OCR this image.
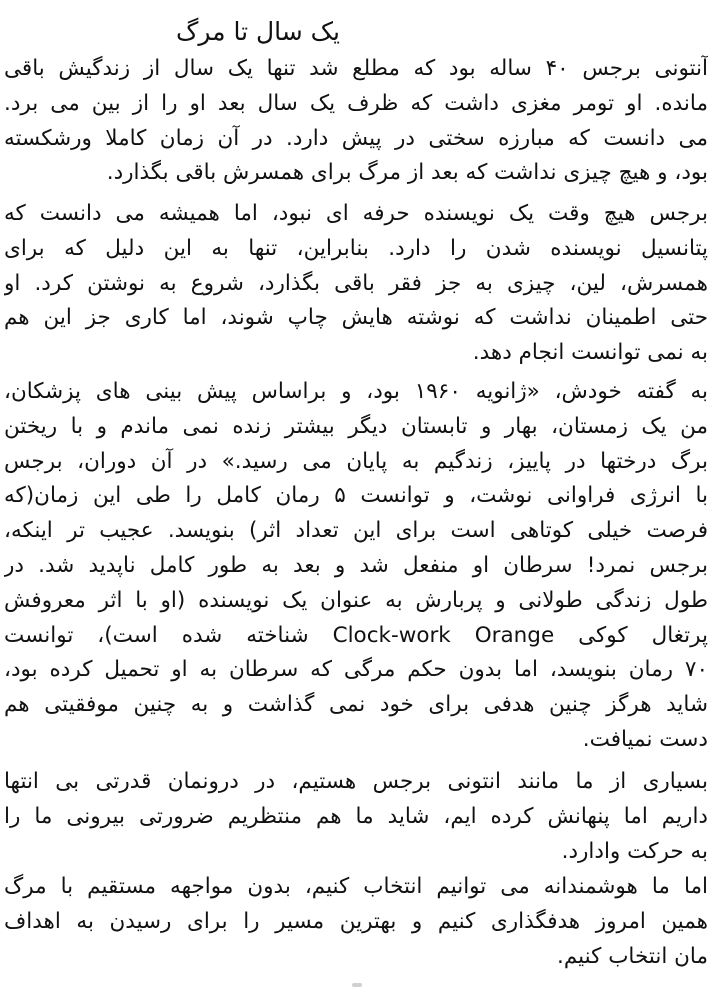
یک سال تا مرگ
آنتونی برجس ۴۰ ساله بود که مطلع شد تنها یک سال از زندگیش باقی
مانده. او تومر مغزی داشت که ظرف یک سال بعد او را از بین می برد.
می دانست که مبارزه سختی در پیش دارد. در آن زمان کاملا ورشکسته
بود، و هیچ چیزی نداشت که بعد از مرگ برای همسرش باقی بگذارد.
برجس هیچ وقت یک نویسنده حرفه ای نبود، اما همیشه می دانست که
پتانسیل نویسنده شدن را دارد. بنابراین، تنها به این دلیل که برای
همسرش، لین، چیزی به جز فقر باقی بگذارد، شروع به نوشتن کرد. او
حتی اطمینان نداشت که نوشته هایش چاپ شوند، اما کاری جز این هم
به نمی توانست انجام دهد.
به گفته خودش، «ژانویه ۱۹۶۰ بود، و براساس پیش بینی های پزشکان،
من یک زمستان، بهار و تابستان دیگر بیشتر زنده نمی ماندم و با ریختن
برگ درختها در پاییز، زندگیم به پایان می رسید.» در آن دوران، برجس
با انرژی فراوانی نوشت، و توانست ۵ رمان کامل را طی این زمان(که
فرصت خیلی کوتاهی است برای این تعداد اثر) بنویسد. عجیب تر اینکه،
برجس نمرد! سرطان او منفعل شد و بعد به طور کامل ناپدید شد. در
طول زندگی طولانی و پربارش به عنوان یک نویسنده (او با اثر معروفش
پرتغال کوکی Clock-work Orange شناخته شده است)، توانست
۷۰ رمان بنویسد، اما بدون حکم مرگی که سرطان به او تحمیل کرده بود،
شاید هرگز چنین هدفی برای خود نمی گذاشت و به چنین موفقیتی هم
دست نمیافت.
بسیاری از ما مانند انتونی برجس هستیم، در درونمان قدرتی بی انتها
داریم اما پنهانش کرده ایم، شاید ما هم منتظریم ضرورتی بیرونی ما را
به حرکت وادارد.
اما ما هوشمندانه می توانیم انتخاب کنیم، بدون مواجهه مستقیم با مرگ
همین امروز هدفگذاری کنیم و بهترین مسیر را برای رسیدن به اهداف
مان انتخاب کنیم.
